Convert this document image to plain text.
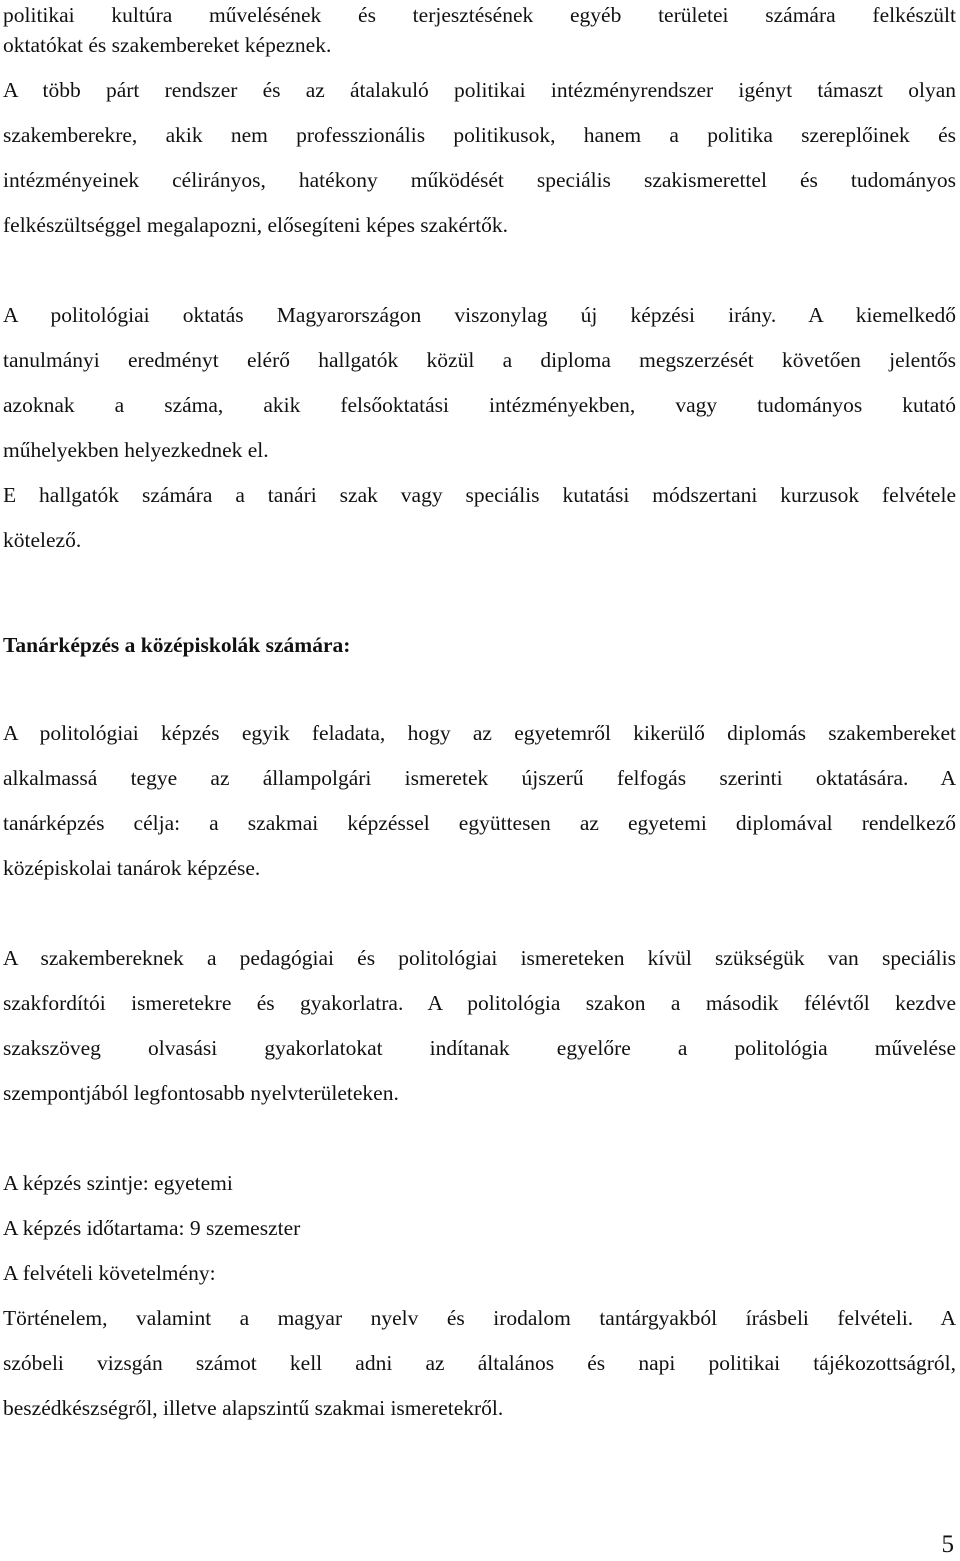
politikai kultúra művelésének és terjesztésének egyéb területei számára felkészült
oktatókat és szakembereket képeznek.
A több párt rendszer és az átalakuló politikai intézményrendszer igényt támaszt olyan
szakemberekre, akik nem professzionális politikusok, hanem a politika szereplőinek és
intézményeinek célirányos, hatékony működését speciális szakismerettel és tudományos
felkészültséggel megalapozni, elősegíteni képes szakértők.
A politológiai oktatás Magyarországon viszonylag új képzési irány. A kiemelkedő
tanulmányi eredményt elérő hallgatók közül a diploma megszerzését követően jelentős
azoknak a száma, akik felsőoktatási intézményekben, vagy tudományos kutató
műhelyekben helyezkednek el.
E hallgatók számára a tanári szak vagy speciális kutatási módszertani kurzusok felvétele
kötelező.
Tanárképzés a középiskolák számára:
A politológiai képzés egyik feladata, hogy az egyetemről kikerülő diplomás szakembereket
alkalmassá tegye az állampolgári ismeretek újszerű felfogás szerinti oktatására. A
tanárképzés célja: a szakmai képzéssel együttesen az egyetemi diplomával rendelkező
középiskolai tanárok képzése.
A szakembereknek a pedagógiai és politológiai ismereteken kívül szükségük van speciális
szakfordítói ismeretekre és gyakorlatra. A politológia szakon a második félévtől kezdve
szakszöveg olvasási gyakorlatokat indítanak egyelőre a politológia művelése
szempontjából legfontosabb nyelvterületeken.
A képzés szintje: egyetemi
A képzés időtartama: 9 szemeszter
A felvételi követelmény:
Történelem, valamint a magyar nyelv és irodalom tantárgyakból írásbeli felvételi. A
szóbeli vizsgán számot kell adni az általános és napi politikai tájékozottságról,
beszédkészségről, illetve alapszintű szakmai ismeretekről.
5
